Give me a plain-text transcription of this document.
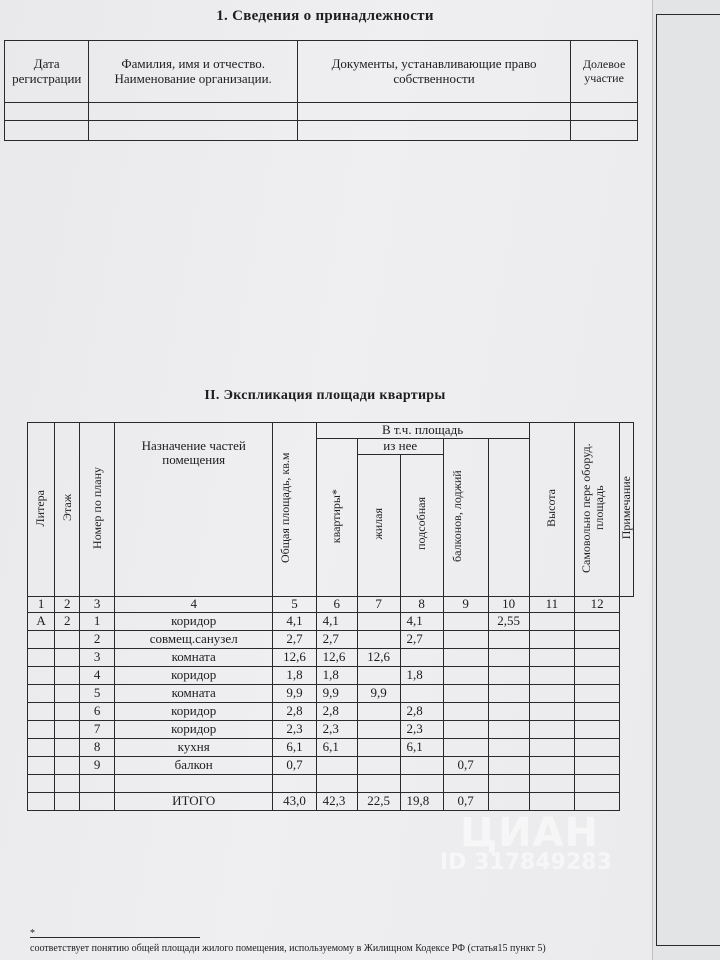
1. Сведения о принадлежности
Дата регистрации	Фамилия, имя и отчество. Наименование организации.	Документы, устанавливающие право собственности	Долевое участие

II. Экспликация площади квартиры
Литера	Этаж	Номер по плану	Назначение частей помещения	Общая площадь, кв.м	В т.ч. площадь					Высота	Самовольно пере оборуд. площадь	Примечание
					квартиры*	из нее		балконов, лоджий				
						жилая	подсобная					
1	2	3	4	5	6	7	8	9	10	11	12	
А	2	1	коридор	4,1	4,1		4,1		2,55			
		2	совмещ.санузел	2,7	2,7		2,7					
		3	комната	12,6	12,6	12,6						
		4	коридор	1,8	1,8		1,8					
		5	комната	9,9	9,9	9,9						
		6	коридор	2,8	2,8		2,8					
		7	коридор	2,3	2,3		2,3					
		8	кухня	6,1	6,1		6,1					
		9	балкон	0,7				0,7				

			ИТОГО	43,0	42,3	22,5	19,8	0,7				
*
соответствует понятию общей площади жилого помещения, используемому в Жилищном Кодексе РФ (статья15 пункт 5)
ЦИАН
ID 317849283
